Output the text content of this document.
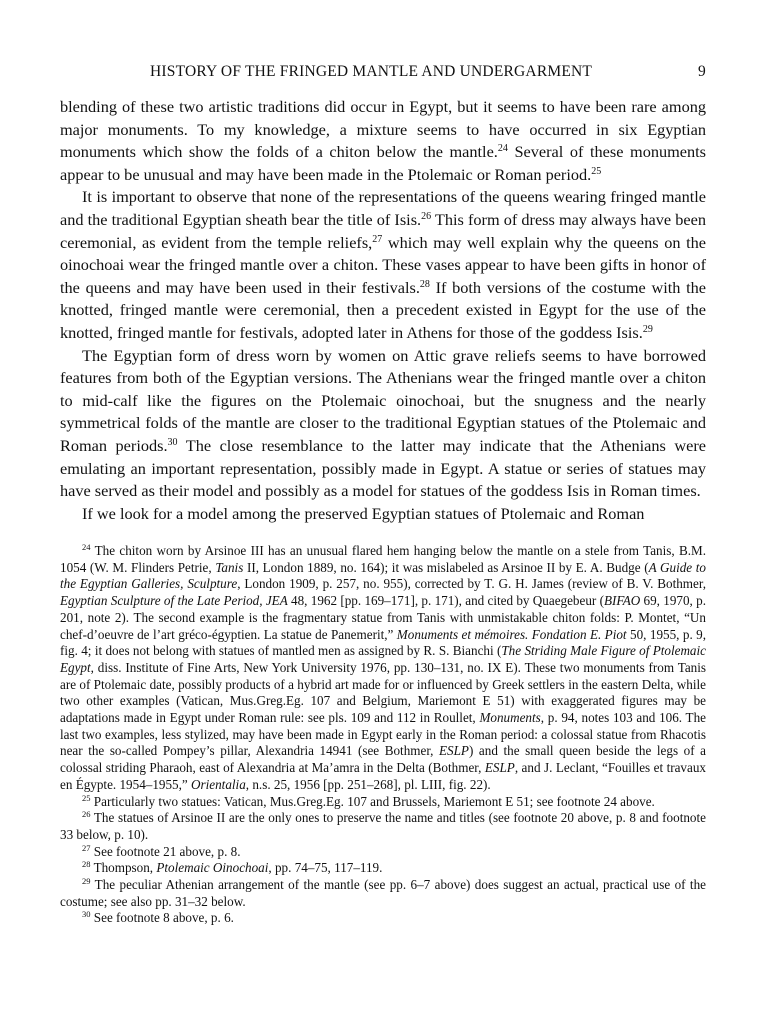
HISTORY OF THE FRINGED MANTLE AND UNDERGARMENT	9

blending of these two artistic traditions did occur in Egypt, but it seems to have been rare among major monuments. To my knowledge, a mixture seems to have occurred in six Egyptian monuments which show the folds of a chiton below the mantle.$^{24}$ Several of these monuments appear to be unusual and may have been made in the Ptolemaic or Roman period.$^{25}$

It is important to observe that none of the representations of the queens wearing fringed mantle and the traditional Egyptian sheath bear the title of Isis.$^{26}$ This form of dress may always have been ceremonial, as evident from the temple reliefs,$^{27}$ which may well explain why the queens on the oinochoai wear the fringed mantle over a chiton. These vases appear to have been gifts in honor of the queens and may have been used in their festivals.$^{28}$ If both versions of the costume with the knotted, fringed mantle were ceremonial, then a precedent existed in Egypt for the use of the knotted, fringed mantle for festivals, adopted later in Athens for those of the goddess Isis.$^{29}$

The Egyptian form of dress worn by women on Attic grave reliefs seems to have borrowed features from both of the Egyptian versions. The Athenians wear the fringed mantle over a chiton to mid-calf like the figures on the Ptolemaic oinochoai, but the snugness and the nearly symmetrical folds of the mantle are closer to the traditional Egyptian statues of the Ptolemaic and Roman periods.$^{30}$ The close resemblance to the latter may indicate that the Athenians were emulating an important representation, possibly made in Egypt. A statue or series of statues may have served as their model and possibly as a model for statues of the goddess Isis in Roman times.

If we look for a model among the preserved Egyptian statues of Ptolemaic and Roman

$^{24}$ The chiton worn by Arsinoe III has an unusual flared hem hanging below the mantle on a stele from Tanis, B.M. 1054 (W. M. Flinders Petrie, Tanis II, London 1889, no. 164); it was mislabeled as Arsinoe II by E. A. Budge (A Guide to the Egyptian Galleries, Sculpture, London 1909, p. 257, no. 955), corrected by T. G. H. James (review of B. V. Bothmer, Egyptian Sculpture of the Late Period, JEA 48, 1962 [pp. 169–171], p. 171), and cited by Quaegebeur (BIFAO 69, 1970, p. 201, note 2). The second example is the fragmentary statue from Tanis with unmistakable chiton folds: P. Montet, “Un chef-d’oeuvre de l’art gréco-égyptien. La statue de Panemerit,” Monuments et mémoires. Fondation E. Piot 50, 1955, p. 9, fig. 4; it does not belong with statues of mantled men as assigned by R. S. Bianchi (The Striding Male Figure of Ptolemaic Egypt, diss. Institute of Fine Arts, New York University 1976, pp. 130–131, no. IX E). These two monuments from Tanis are of Ptolemaic date, possibly products of a hybrid art made for or influenced by Greek settlers in the eastern Delta, while two other examples (Vatican, Mus.Greg.Eg. 107 and Belgium, Mariemont E 51) with exaggerated figures may be adaptations made in Egypt under Roman rule: see pls. 109 and 112 in Roullet, Monuments, p. 94, notes 103 and 106. The last two examples, less stylized, may have been made in Egypt early in the Roman period: a colossal statue from Rhacotis near the so-called Pompey’s pillar, Alexandria 14941 (see Bothmer, ESLP) and the small queen beside the legs of a colossal striding Pharaoh, east of Alexandria at Ma’amra in the Delta (Bothmer, ESLP, and J. Leclant, “Fouilles et travaux en Égypte. 1954–1955,” Orientalia, n.s. 25, 1956 [pp. 251–268], pl. LIII, fig. 22).

$^{25}$ Particularly two statues: Vatican, Mus.Greg.Eg. 107 and Brussels, Mariemont E 51; see footnote 24 above.

$^{26}$ The statues of Arsinoe II are the only ones to preserve the name and titles (see footnote 20 above, p. 8 and footnote 33 below, p. 10).

$^{27}$ See footnote 21 above, p. 8.

$^{28}$ Thompson, Ptolemaic Oinochoai, pp. 74–75, 117–119.

$^{29}$ The peculiar Athenian arrangement of the mantle (see pp. 6–7 above) does suggest an actual, practical use of the costume; see also pp. 31–32 below.

$^{30}$ See footnote 8 above, p. 6.
